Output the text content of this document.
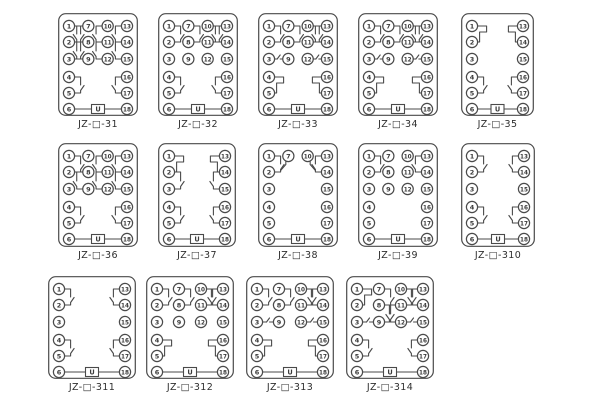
U
1
2
3
4
5
6
7
8
9
10
11
12
13
14
15
16
17
18
JZ-□-31
U
1
2
3
4
5
6
7
8
9
10
11
12
13
14
15
16
17
18
JZ-□-32
U
1
2
3
4
5
6
7
8
9
10
11
12
13
14
15
16
17
18
JZ-□-33
U
1
2
3
4
5
6
7
8
9
10
11
12
13
14
15
16
17
18
JZ-□-34
U
1
2
3
4
5
6
13
14
15
16
17
18
JZ-□-35
U
1
2
3
4
5
6
7
8
9
10
11
12
13
14
15
16
17
18
JZ-□-36
U
1
2
3
4
5
6
13
14
15
16
17
18
JZ-□-37
U
1
2
3
4
5
6
7 10 13
14
15
16
17
18
JZ-□-38
U
1
2
3
4
5
6
7
8
9
10
11
12
13
14
15
16
17
18
JZ-□-39
U
1
2
3
4
5
6
13
14
15
16
17
18
JZ-□-310
U
1
2
3
4
5
6
13
14
15
16
17
18
JZ-□-311
U
1
2
3
4
5
6
7
8
9
10
11
12
13
14
15
16
17
18
JZ-□-312
U
1
2
3
4
5
6
7
8
9
10
11
12
13
14
15
16
17
18
JZ-□-313
U
1
2
3
4
5
6
7
8
9
10
11
12
13
14
15
16
17
18
JZ-□-314
